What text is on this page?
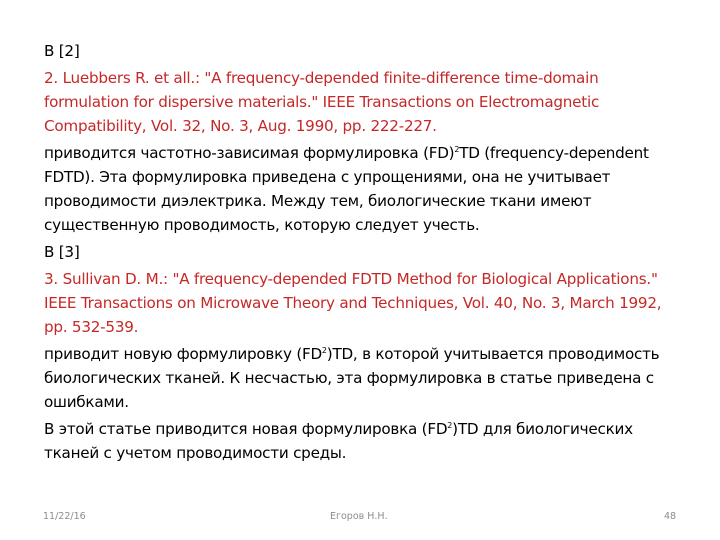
В [2]

2. Luebbers R. et all.: "A frequency-depended finite-difference time-domain formulation for dispersive materials." IEEE Transactions on Electromagnetic Compatibility, Vol. 32, No. 3, Aug. 1990, pp. 222-227.

приводится частотно-зависимая формулировка (FD)$^2$TD (frequency-dependent FDTD). Эта формулировка приведена с упрощениями, она не учитывает проводимости диэлектрика. Между тем, биологические ткани имеют существенную проводимость, которую следует учесть.

В [3]

3. Sullivan D. M.: "A frequency-depended FDTD Method for Biological Applications." IEEE Transactions on Microwave Theory and Techniques, Vol. 40, No. 3, March 1992, pp. 532-539.

приводит новую формулировку $(FD^2)TD$, в которой учитывается проводимость биологических тканей. К несчастью, эта формулировка в статье приведена с ошибками.

В этой статье приводится новая формулировка $(FD^2)TD$ для биологических тканей с учетом проводимости среды.

11/22/16	Егоров Н.Н.	48
